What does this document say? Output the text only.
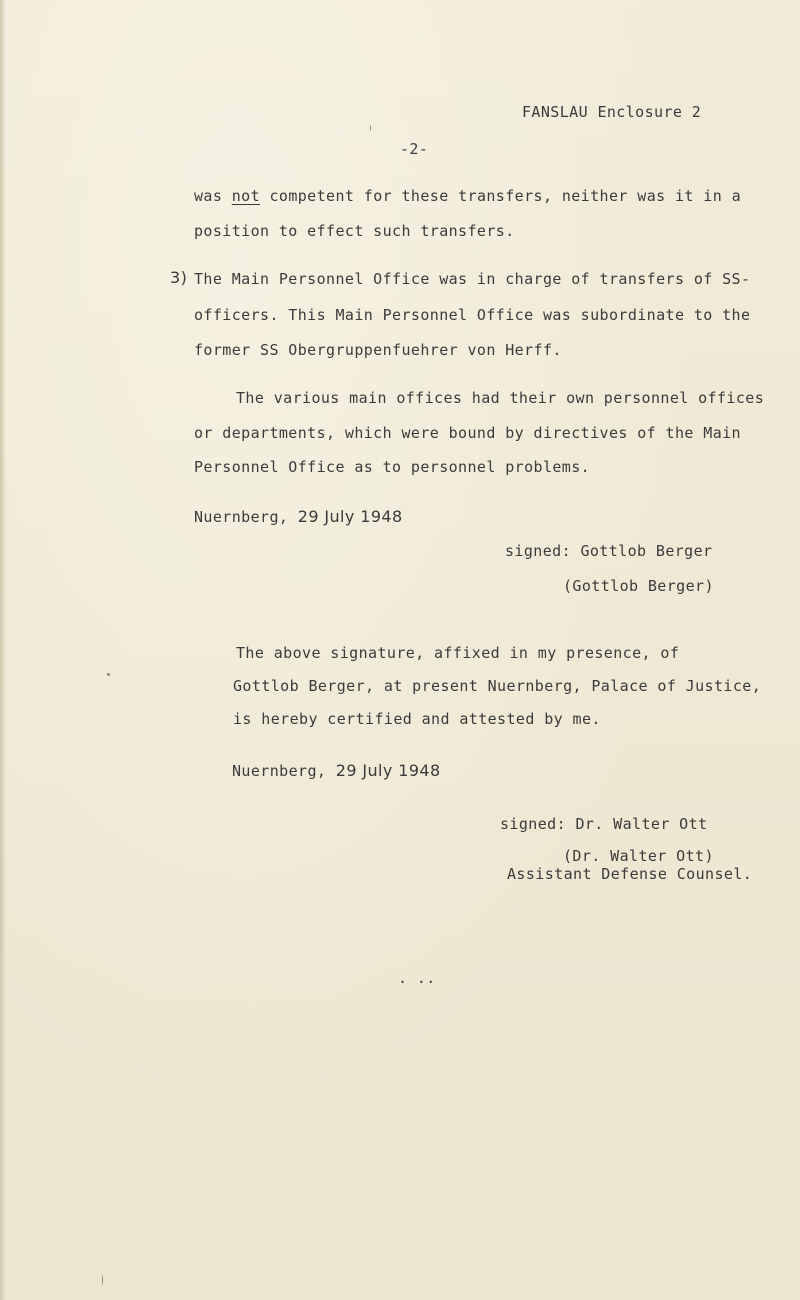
FANSLAU Enclosure 2
-2-
was not competent for these transfers, neither was it in a
position to effect such transfers.
3) The Main Personnel Office was in charge of transfers of SS-
officers. This Main Personnel Office was subordinate to the
former SS Obergruppenfuehrer von Herff.
The various main offices had their own personnel offices
or departments, which were bound by directives of the Main
Personnel Office as to personnel problems.
Nuernberg, 29 July 1948
signed: Gottlob Berger
(Gottlob Berger)
The above signature, affixed in my presence, of
Gottlob Berger, at present Nuernberg, Palace of Justice,
is hereby certified and attested by me.
Nuernberg, 29 July 1948
signed: Dr. Walter Ott
(Dr. Walter Ott)
Assistant Defense Counsel.
. ..
